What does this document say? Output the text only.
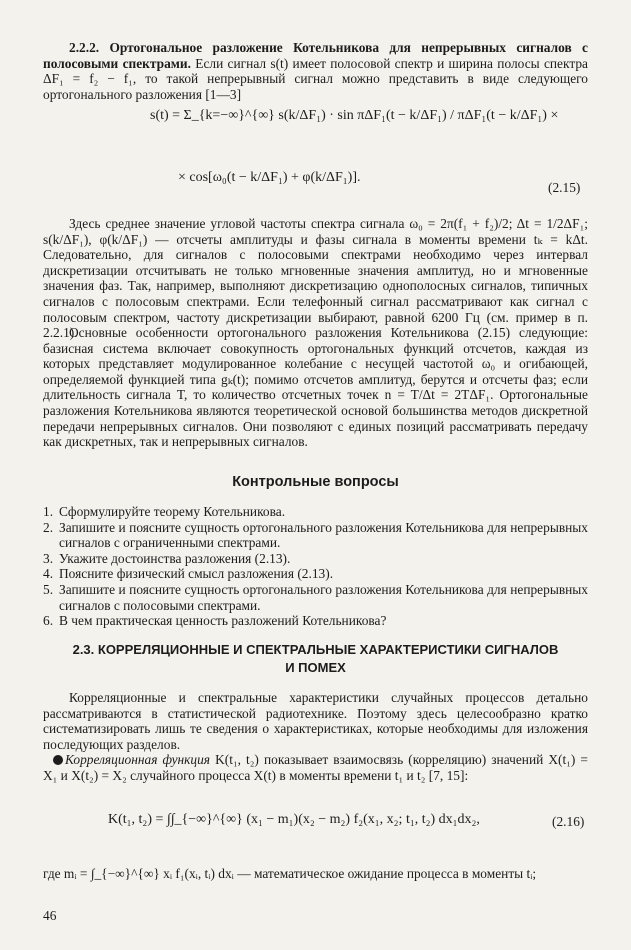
2.2.2. Ортогональное разложение Котельникова для непрерывных сигналов с полосовыми спектрами. Если сигнал s(t) имеет полосовой спектр и ширина полосы спектра ΔF₁ = f₂ − f₁, то такой непрерывный сигнал можно представить в виде следующего ортогонального разложения [1—3]
s(t) = Σ_{k=−∞}^{∞} s(k/ΔF₁) · sin πΔF₁(t − k/ΔF₁) / πΔF₁(t − k/ΔF₁) ×
× cos[ω₀(t − k/ΔF₁) + φ(k/ΔF₁)].
(2.15)
Здесь среднее значение угловой частоты спектра сигнала ω₀ = 2π(f₁ + f₂)/2; Δt = 1/2ΔF₁; s(k/ΔF₁), φ(k/ΔF₁) — отсчеты амплитуды и фазы сигнала в моменты времени tₖ = kΔt. Следовательно, для сигналов с полосовыми спектрами необходимо через интервал дискретизации отсчитывать не только мгновенные значения амплитуд, но и мгновенные значения фаз. Так, например, выполняют дискретизацию однополосных сигналов, типичных сигналов с полосовым спектрами. Если телефонный сигнал рассматривают как сигнал с полосовым спектром, частоту дискретизации выбирают, равной 6200 Гц (см. пример в п. 2.2.1).
Основные особенности ортогонального разложения Котельникова (2.15) следующие: базисная система включает совокупность ортогональных функций отсчетов, каждая из которых представляет модулированное колебание с несущей частотой ω₀ и огибающей, определяемой функцией типа gₖ(t); помимо отсчетов амплитуд, берутся и отсчеты фаз; если длительность сигнала T, то количество отсчетных точек n = T/Δt = 2TΔF₁. Ортогональные разложения Котельникова являются теоретической основой большинства методов дискретной передачи непрерывных сигналов. Они позволяют с единых позиций рассматривать передачу как дискретных, так и непрерывных сигналов.
Контрольные вопросы
1. Сформулируйте теорему Котельникова.
2. Запишите и поясните сущность ортогонального разложения Котельникова для непрерывных сигналов с ограниченными спектрами.
3. Укажите достоинства разложения (2.13).
4. Поясните физический смысл разложения (2.13).
5. Запишите и поясните сущность ортогонального разложения Котельникова для непрерывных сигналов с полосовыми спектрами.
6. В чем практическая ценность разложений Котельникова?
2.3. КОРРЕЛЯЦИОННЫЕ И СПЕКТРАЛЬНЫЕ ХАРАКТЕРИСТИКИ СИГНАЛОВ
И ПОМЕХ
Корреляционные и спектральные характеристики случайных процессов детально рассматриваются в статистической радиотехнике. Поэтому здесь целесообразно кратко систематизировать лишь те сведения о характеристиках, которые необходимы для изложения последующих разделов.
Корреляционная функция K(t₁, t₂) показывает взаимосвязь (корреляцию) значений X(t₁) = X₁ и X(t₂) = X₂ случайного процесса X(t) в моменты времени t₁ и t₂ [7, 15]:
K(t₁, t₂) = ∫∫_{−∞}^{∞} (x₁ − m₁)(x₂ − m₂) f₂(x₁, x₂; t₁, t₂) dx₁dx₂,	(2.16)
где mᵢ = ∫_{−∞}^{∞} xᵢ f₁(xᵢ, tᵢ) dxᵢ — математическое ожидание процесса в моменты tᵢ;
46
